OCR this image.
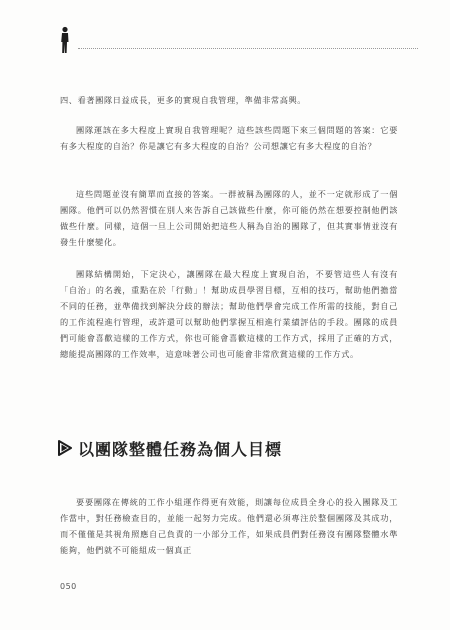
四、看著團隊日益成長，更多的實現自我管理，準備非常高興。

團隊運該在多大程度上實現自我管理呢？這些該些問題下來三個問題的答案：它要有多大程度的自治？你是讓它有多大程度的自治？公司想讓它有多大程度的自治？

這些問題並沒有簡單而直接的答案。一群被稱為團隊的人，並不一定就形成了一個團隊。他們可以仍然習慣在別人來告訴自己該做些什麼，你可能仍然在想要控制他們該做些什麼。同樣，這個一旦上公司開始把這些人稱為自治的團隊了，但其實事情並沒有發生什麼變化。

團隊結構開始，下定決心，讓團隊在最大程度上實現自治，不要管這些人有沒有「自治」的名義，重點在於「行動」！幫助成員學習目標，互相的技巧，幫助他們擔當不同的任務，並準備找到解決分歧的辦法；幫助他們學會完成工作所需的技能，對自己的工作流程進行管理，或許還可以幫助他們掌握互相進行業績評估的手段。團隊的成員們可能會喜歡這樣的工作方式，你也可能會喜歡這樣的工作方式，採用了正確的方式，總能提高團隊的工作效率，這意味著公司也可能會非常欣賞這樣的工作方式。

以團隊整體任務為個人目標

要要團隊在傳統的工作小組運作得更有效能，則讓每位成員全身心的投入團隊及工作當中，對任務檢查目的，並能一起努力完成。他們還必須專注於整個團隊及其成功，而不僅僅是其視角照應自己負責的一小部分工作，如果成員們對任務沒有團隊整體水準能夠，他們就不可能組成一個真正

050
